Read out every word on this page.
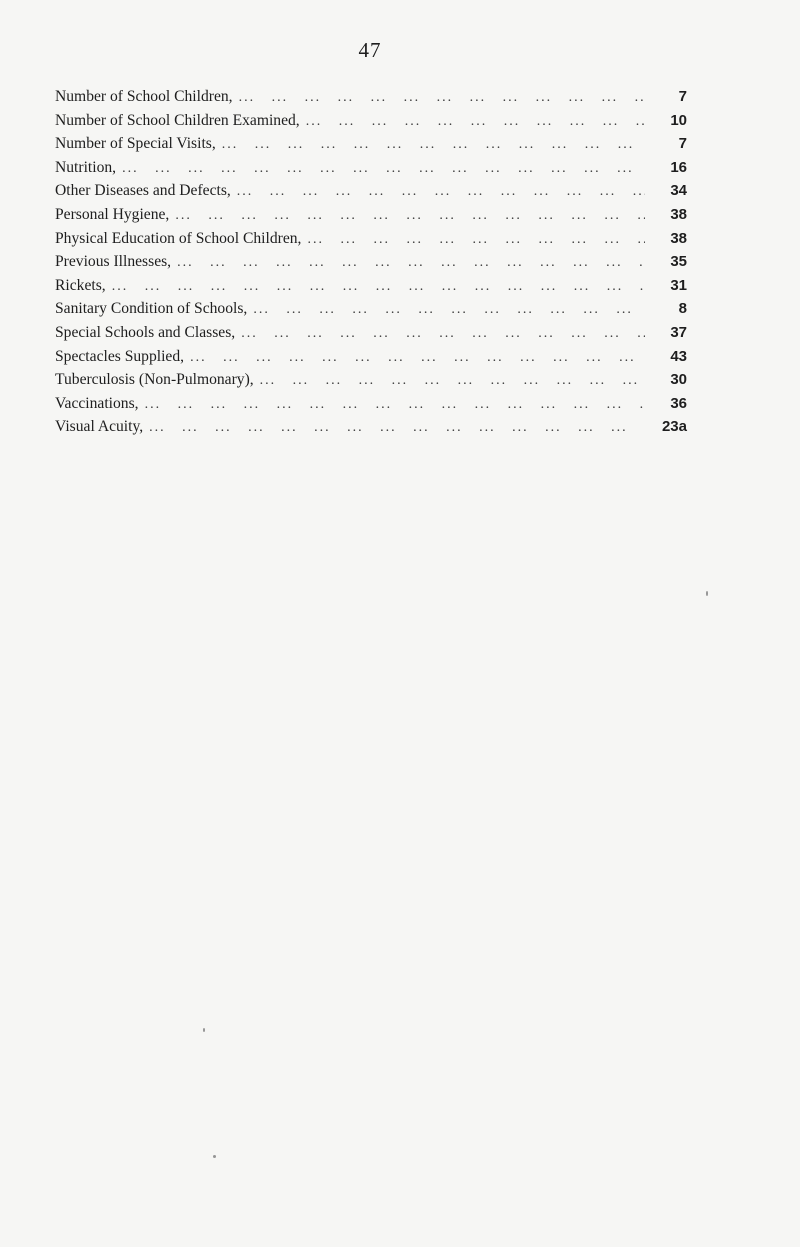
47
Number of School Children, ...	7
Number of School Children Examined, ...	10
Number of Special Visits, ...	7
Nutrition, ...	16
Other Diseases and Defects, ...	34
Personal Hygiene, ...	38
Physical Education of School Children, ...	38
Previous Illnesses, ...	35
Rickets, ...	31
Sanitary Condition of Schools, ...	8
Special Schools and Classes, ...	37
Spectacles Supplied, ...	43
Tuberculosis (Non-Pulmonary), ...	30
Vaccinations, ...	36
Visual Acuity, ...	23a
